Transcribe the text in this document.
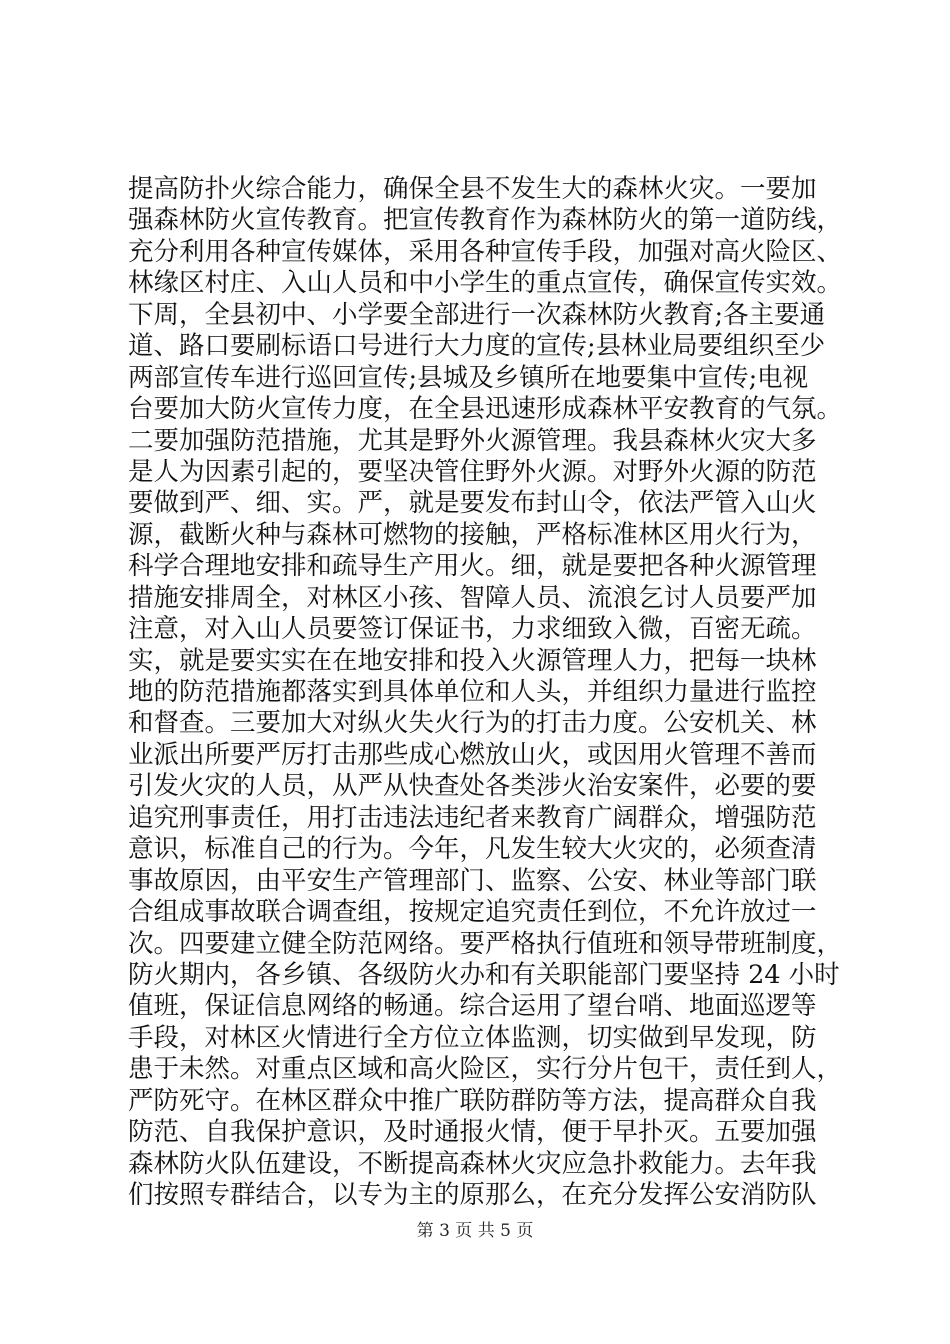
提高防扑火综合能力，确保全县不发生大的森林火灾。一要加
强森林防火宣传教育。把宣传教育作为森林防火的第一道防线，
充分利用各种宣传媒体，采用各种宣传手段，加强对高火险区、
林缘区村庄、入山人员和中小学生的重点宣传，确保宣传实效。
下周，全县初中、小学要全部进行一次森林防火教育;各主要通
道、路口要刷标语口号进行大力度的宣传;县林业局要组织至少
两部宣传车进行巡回宣传;县城及乡镇所在地要集中宣传;电视
台要加大防火宣传力度，在全县迅速形成森林平安教育的气氛。
二要加强防范措施，尤其是野外火源管理。我县森林火灾大多
是人为因素引起的，要坚决管住野外火源。对野外火源的防范
要做到严、细、实。严，就是要发布封山令，依法严管入山火
源，截断火种与森林可燃物的接触，严格标准林区用火行为，
科学合理地安排和疏导生产用火。细，就是要把各种火源管理
措施安排周全，对林区小孩、智障人员、流浪乞讨人员要严加
注意，对入山人员要签订保证书，力求细致入微，百密无疏。
实，就是要实实在在地安排和投入火源管理人力，把每一块林
地的防范措施都落实到具体单位和人头，并组织力量进行监控
和督查。三要加大对纵火失火行为的打击力度。公安机关、林
业派出所要严厉打击那些成心燃放山火，或因用火管理不善而
引发火灾的人员，从严从快查处各类涉火治安案件，必要的要
追究刑事责任，用打击违法违纪者来教育广阔群众，增强防范
意识，标准自己的行为。今年，凡发生较大火灾的，必须查清
事故原因，由平安生产管理部门、监察、公安、林业等部门联
合组成事故联合调查组，按规定追究责任到位，不允许放过一
次。四要建立健全防范网络。要严格执行值班和领导带班制度，
防火期内，各乡镇、各级防火办和有关职能部门要坚持 24 小时
值班，保证信息网络的畅通。综合运用了望台哨、地面巡逻等
手段，对林区火情进行全方位立体监测，切实做到早发现，防
患于未然。对重点区域和高火险区，实行分片包干，责任到人，
严防死守。在林区群众中推广联防群防等方法，提高群众自我
防范、自我保护意识，及时通报火情，便于早扑灭。五要加强
森林防火队伍建设，不断提高森林火灾应急扑救能力。去年我
们按照专群结合，以专为主的原那么，在充分发挥公安消防队
第 3 页 共 5 页
